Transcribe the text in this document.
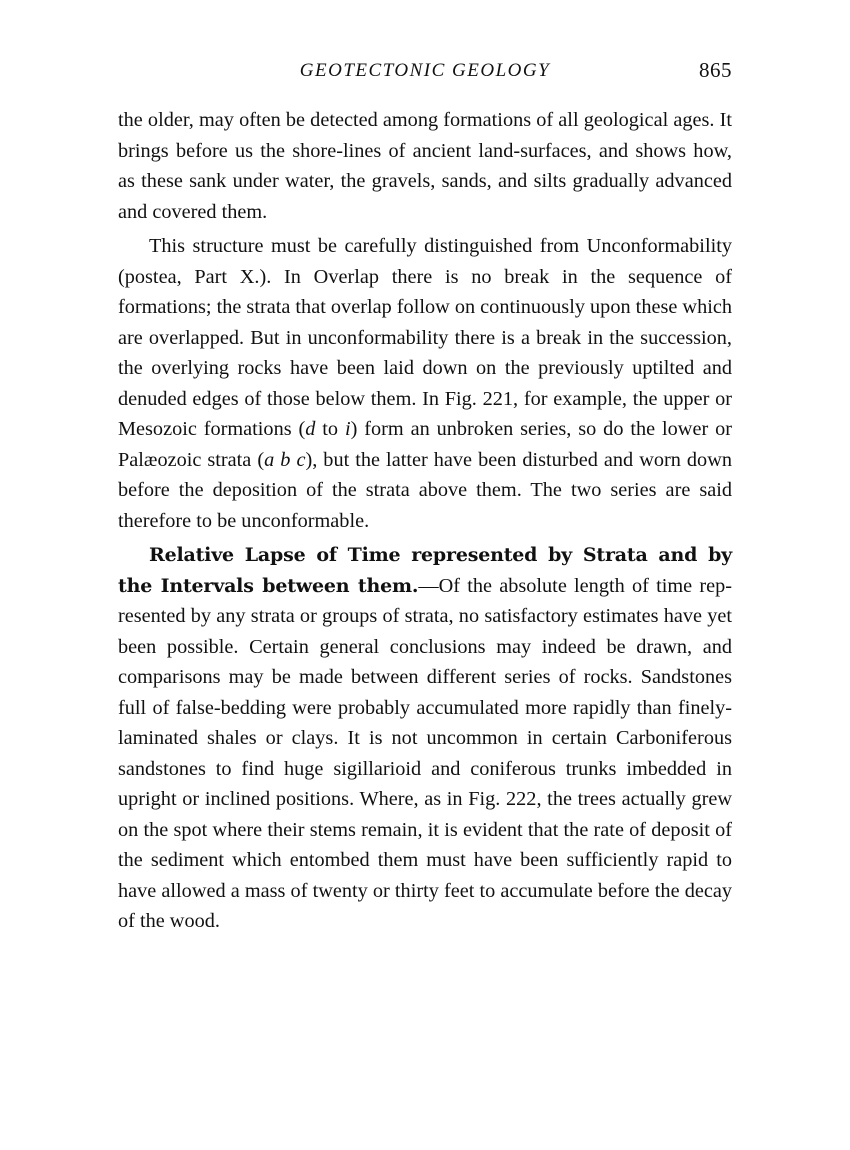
GEOTECTONIC GEOLOGY	865

the older, may often be detected among formations of all geological ages. It brings before us the shore-lines of ancient land-surfaces, and shows how, as these sank under water, the gravels, sands, and silts gradually advanced and covered them.

This structure must be carefully distinguished from Unconformability (postea, Part X.). In Overlap there is no break in the sequence of formations; the strata that overlap follow on continuously upon these which are overlapped. But in unconformability there is a break in the succession, the overlying rocks have been laid down on the previously uptilted and denuded edges of those below them. In Fig. 221, for example, the upper or Mesozoic formations (d to i) form an unbroken series, so do the lower or Palæozoic strata (a b c), but the latter have been disturbed and worn down before the deposition of the strata above them. The two series are said therefore to be unconformable.

Relative Lapse of Time represented by Strata and by the Intervals between them.—Of the absolute length of time represented by any strata or groups of strata, no satisfactory estimates have yet been possible. Certain general conclusions may indeed be drawn, and comparisons may be made between different series of rocks. Sandstones full of false-bedding were probably accumulated more rapidly than finely-laminated shales or clays. It is not uncommon in certain Carboniferous sandstones to find huge sigillarioid and coniferous trunks imbedded in upright or inclined positions. Where, as in Fig. 222, the trees actually grew on the spot where their stems remain, it is evident that the rate of deposit of the sediment which entombed them must have been sufficiently rapid to have allowed a mass of twenty or thirty feet to accumulate before the decay of the wood.
